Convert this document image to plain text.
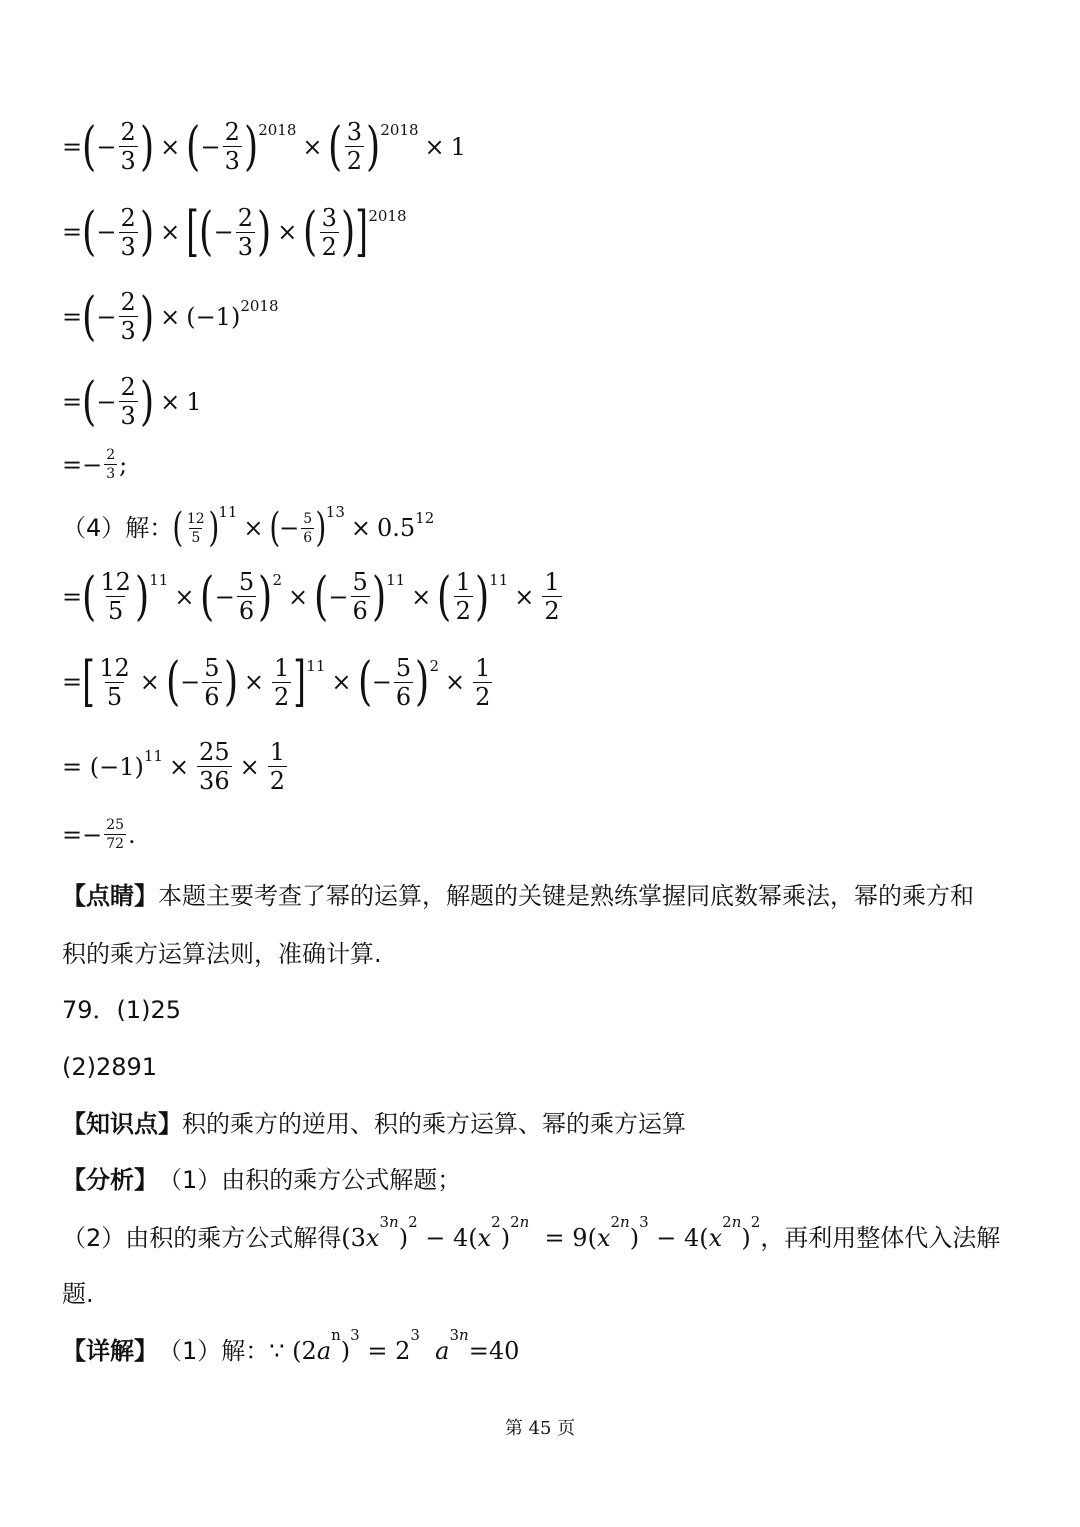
= ( − $\frac{2}{3}$ ) × ( − $\frac{2}{3}$ ) 2018
× ( $\frac{3}{2}$ ) 2018
× 1
= ( − $\frac{2}{3}$ ) × [ ( − $\frac{2}{3}$ ) × ( $\frac{3}{2}$ ) ] 2018
= ( − $\frac{2}{3}$ ) × (−1) 2018
= ( − $\frac{2}{3}$ ) × 1
=− $\frac{2}{3}$ ;
（4）解： ( $\frac{12}{5}$ ) 11
× ( − $\frac{5}{6}$ ) 13
× 0.5 12
= ( $\frac{12}{5}$ ) 11
× ( − $\frac{5}{6}$ ) 2
× ( − $\frac{5}{6}$ ) 11
× ( $\frac{1}{2}$ ) 11
× $\frac{1}{2}$
= [ $\frac{12}{5}$ × ( − $\frac{5}{6}$ ) × $\frac{1}{2}$ ] 11
× ( − $\frac{5}{6}$ ) 2
× $\frac{1}{2}$
= (−1) $11 \times \frac{25}{36} \times \frac{1}{2}$
=− $\frac{25}{72}$ .
【点睛】 本题主要考查了幂的运算，解题的关键是熟练掌握同底数幂乘法，幂的乘方和
积的乘方运算法则，准确计算.
79．(1)25
(2)2891
【知识点】 积的乘方的逆用、积的乘方运算、幂的乘方运算
【分析】 （1）由积的乘方公式解题；
（2）由积的乘方公式解得 $(3x^{3n})^2 - 4(x^2)^{2n} = 9(x^{2n})^3 - 4(x^{2n})^2$
，再利用整体代入法解
题.
【详解】 （1）解： ∵ $(2a^n)^3 = 2^3$  $a^{3n}=40$
第 45 页
